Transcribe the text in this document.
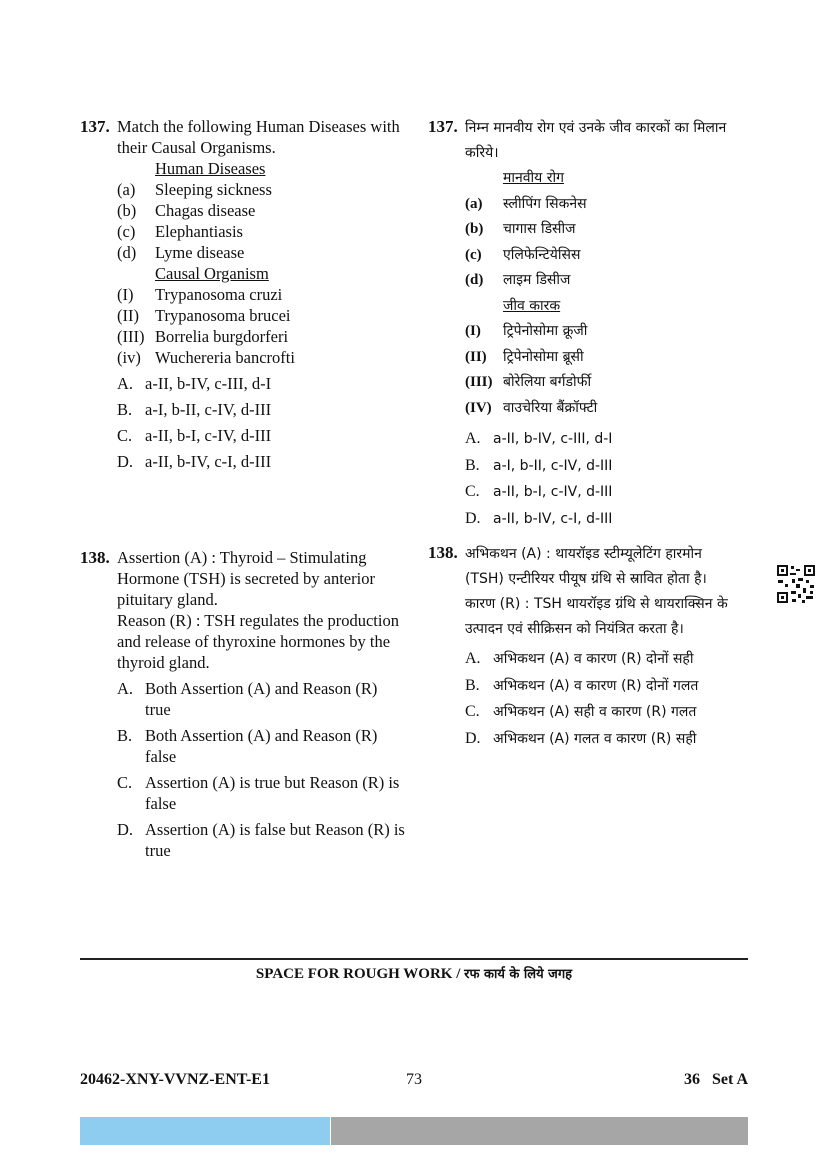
137. Match the following Human Diseases with their Causal Organisms.
Human Diseases
(a)	Sleeping sickness
(b)	Chagas disease
(c)	Elephantiasis
(d)	Lyme disease
Causal Organism
(I)	Trypanosoma cruzi
(II) Trypanosoma brucei
(III) Borrelia burgdorferi
(iv) Wuchereria bancrofti
A. a-II, b-IV, c-III, d-I
B. a-I, b-II, c-IV, d-III
C. a-II, b-I, c-IV, d-III
D. a-II, b-IV, c-I, d-III
138. Assertion (A) : Thyroid – Stimulating Hormone (TSH) is secreted by anterior pituitary gland.
Reason (R) : TSH regulates the production and release of thyroxine hormones by the thyroid gland.
A. Both Assertion (A) and Reason (R) true
B. Both Assertion (A) and Reason (R) false
C. Assertion (A) is true but Reason (R) is false
D. Assertion (A) is false but Reason (R) is true
137. निम्न मानवीय रोग एवं उनके जीव कारकों का मिलान करिये।
मानवीय रोग
(a)	स्लीपिंग सिकनेस
(b)	चागास डिसीज
(c)	एलिफेन्टियेसिस
(d)	लाइम डिसीज
जीव कारक
(I)	ट्रिपेनोसोमा क्रूजी
(II)	ट्रिपेनोसोमा ब्रूसी
(III) बोरेलिया बर्गडोर्फी
(IV) वाउचेरिया बैंक्रॉफ्टी
A. a-II, b-IV, c-III, d-I
B. a-I, b-II, c-IV, d-III
C. a-II, b-I, c-IV, d-III
D. a-II, b-IV, c-I, d-III
138. अभिकथन (A) : थायरॉइड स्टीम्यूलेटिंग हारमोन (TSH) एन्टीरियर पीयूष ग्रंथि से स्रावित होता है।
कारण (R) : TSH थायरॉइड ग्रंथि से थायराक्सिन के उत्पादन एवं सीक्रिसन को नियंत्रित करता है।
A. अभिकथन (A) व कारण (R) दोनों सही
B. अभिकथन (A) व कारण (R) दोनों गलत
C. अभिकथन (A) सही व कारण (R) गलत
D. अभिकथन (A) गलत व कारण (R) सही
SPACE FOR ROUGH WORK / रफ कार्य के लिये जगह
20462-XNY-VVNZ-ENT-E1	73	36   Set A
